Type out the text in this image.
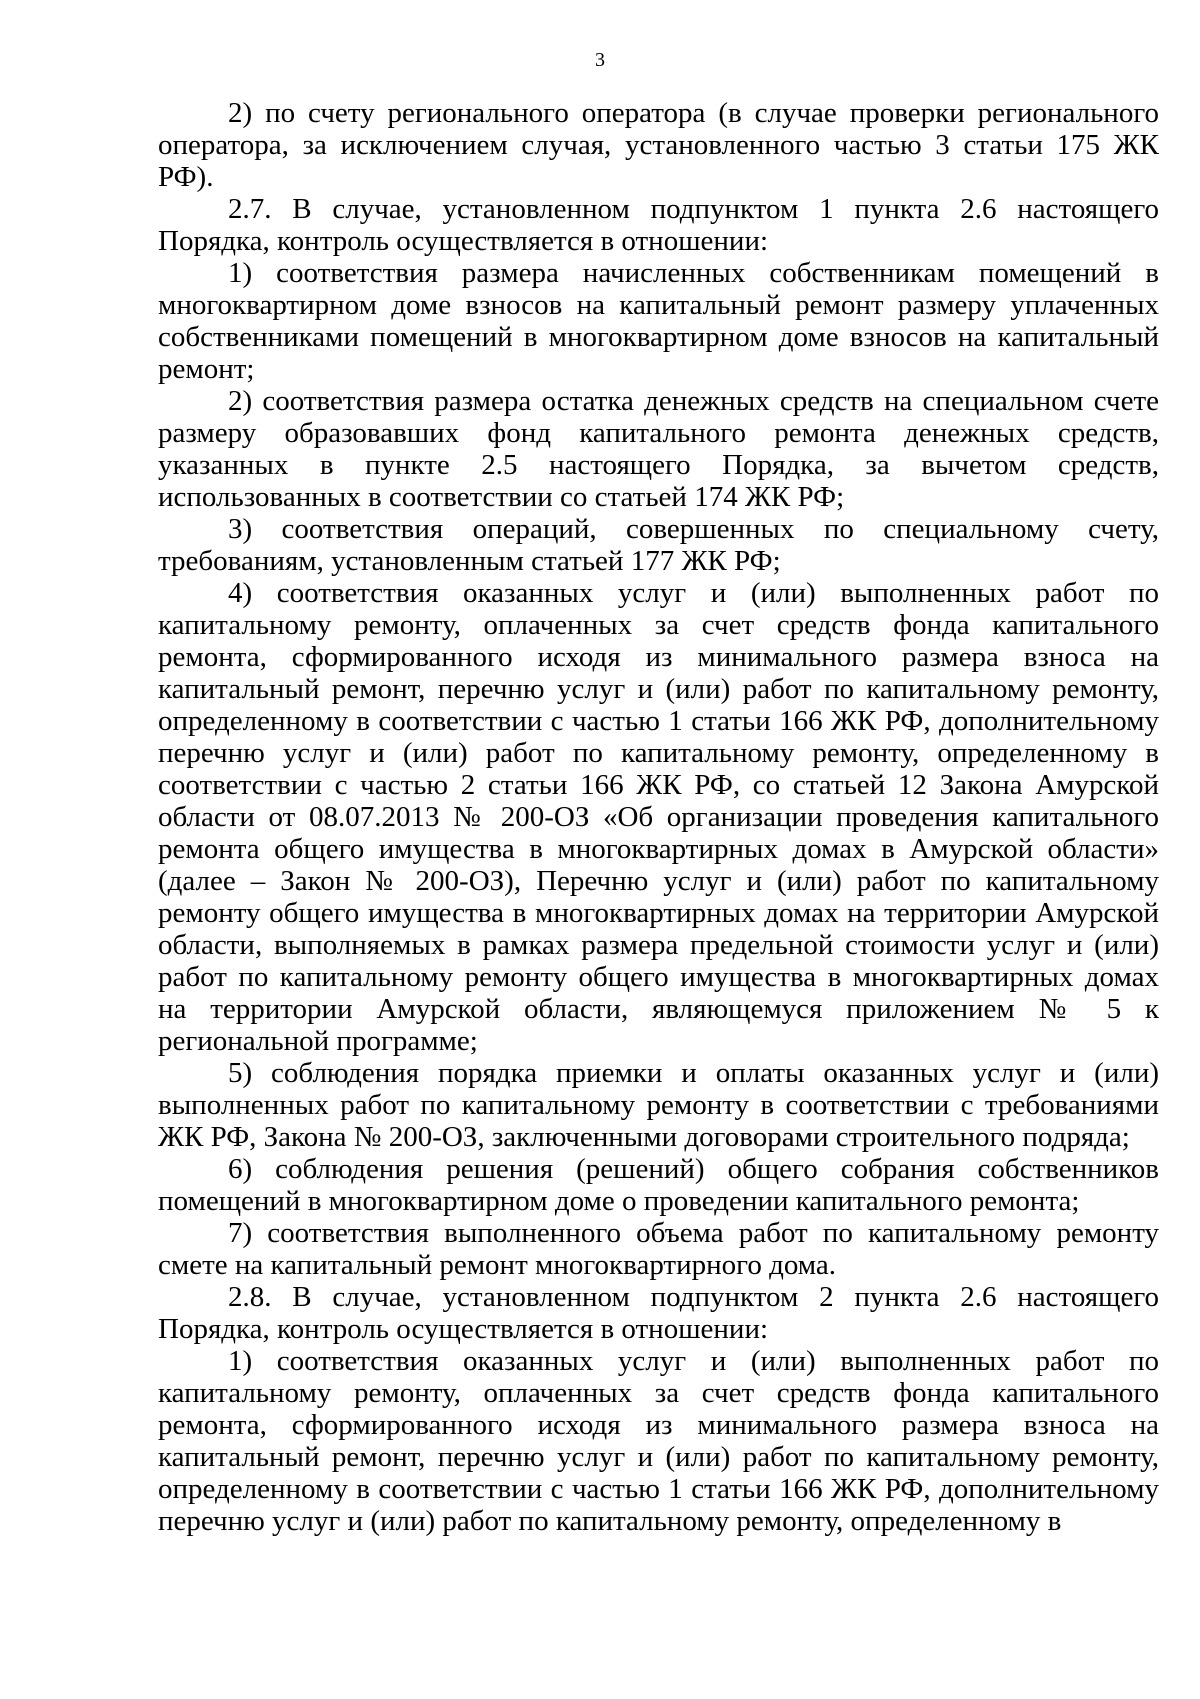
3

2) по счету регионального оператора (в случае проверки регионального оператора, за исключением случая, установленного частью 3 статьи 175 ЖК РФ).

2.7. В случае, установленном подпунктом 1 пункта 2.6 настоящего Порядка, контроль осуществляется в отношении:

1) соответствия размера начисленных собственникам помещений в многоквартирном доме взносов на капитальный ремонт размеру уплаченных собственниками помещений в многоквартирном доме взносов на капитальный ремонт;

2) соответствия размера остатка денежных средств на специальном счете размеру образовавших фонд капитального ремонта денежных средств, указанных в пункте 2.5 настоящего Порядка, за вычетом средств, использованных в соответствии со статьей 174 ЖК РФ;

3) соответствия операций, совершенных по специальному счету, требованиям, установленным статьей 177 ЖК РФ;

4) соответствия оказанных услуг и (или) выполненных работ по капитальному ремонту, оплаченных за счет средств фонда капитального ремонта, сформированного исходя из минимального размера взноса на капитальный ремонт, перечню услуг и (или) работ по капитальному ремонту, определенному в соответствии с частью 1 статьи 166 ЖК РФ, дополнительному перечню услуг и (или) работ по капитальному ремонту, определенному в соответствии с частью 2 статьи 166 ЖК РФ, со статьей 12 Закона Амурской области от 08.07.2013 № 200-ОЗ «Об организации проведения капитального ремонта общего имущества в многоквартирных домах в Амурской области» (далее – Закон № 200-ОЗ), Перечню услуг и (или) работ по капитальному ремонту общего имущества в многоквартирных домах на территории Амурской области, выполняемых в рамках размера предельной стоимости услуг и (или) работ по капитальному ремонту общего имущества в многоквартирных домах на территории Амурской области, являющемуся приложением № 5 к региональной программе;

5) соблюдения порядка приемки и оплаты оказанных услуг и (или) выполненных работ по капитальному ремонту в соответствии с требованиями ЖК РФ, Закона № 200-ОЗ, заключенными договорами строительного подряда;

6) соблюдения решения (решений) общего собрания собственников помещений в многоквартирном доме о проведении капитального ремонта;

7) соответствия выполненного объема работ по капитальному ремонту смете на капитальный ремонт многоквартирного дома.

2.8. В случае, установленном подпунктом 2 пункта 2.6 настоящего Порядка, контроль осуществляется в отношении:

1) соответствия оказанных услуг и (или) выполненных работ по капитальному ремонту, оплаченных за счет средств фонда капитального ремонта, сформированного исходя из минимального размера взноса на капитальный ремонт, перечню услуг и (или) работ по капитальному ремонту, определенному в соответствии с частью 1 статьи 166 ЖК РФ, дополнительному перечню услуг и (или) работ по капитальному ремонту, определенному в
